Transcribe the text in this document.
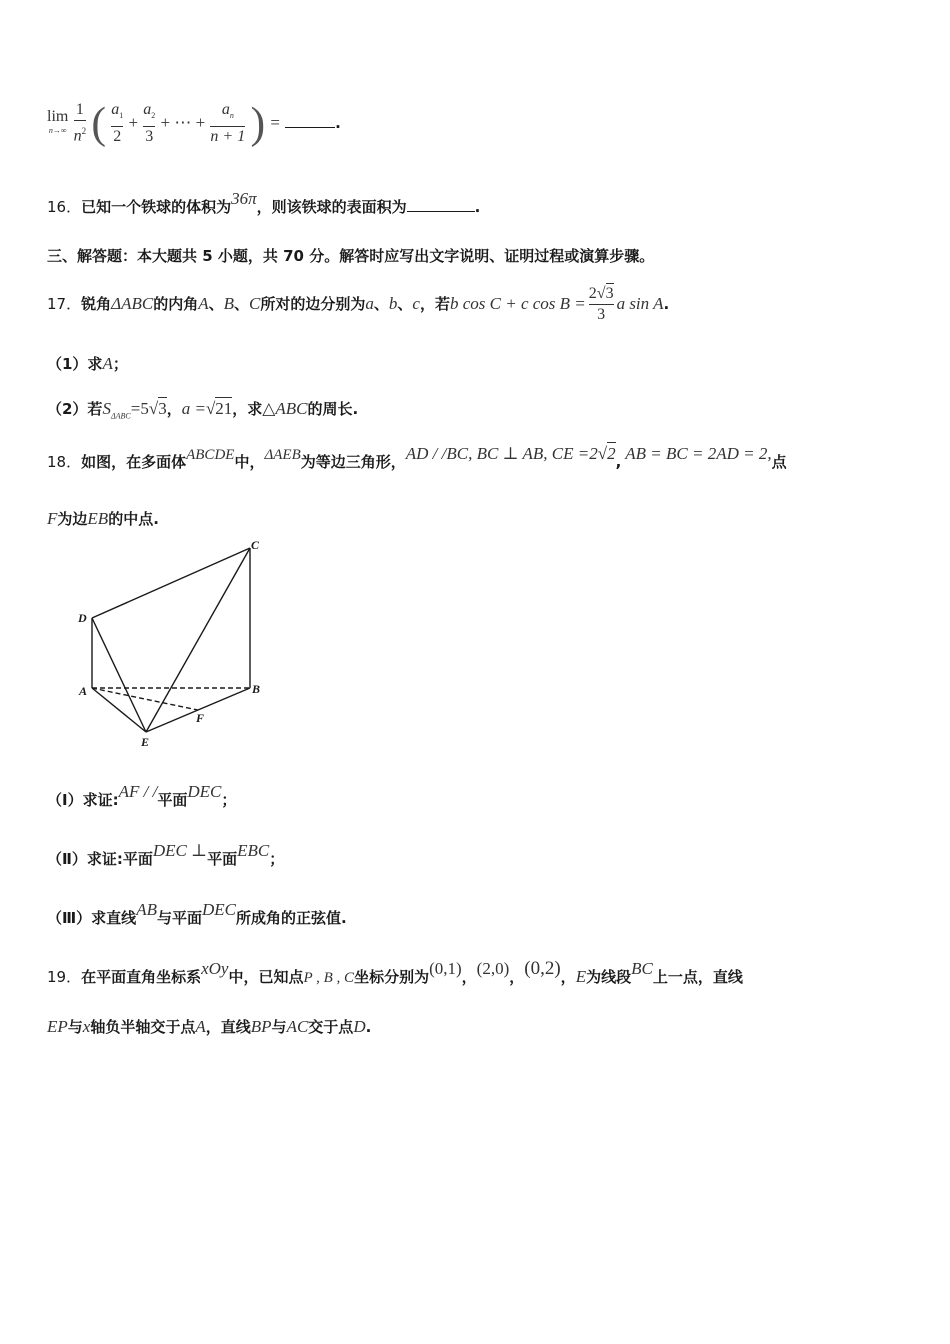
lim
n→∞
$\frac{1}{n^2}$ ( $\frac{a_1}{2} + \frac{a_2}{3}$ + ⋯ + $\frac{a_n}{n + 1}$ ) =	.
16．已知一个铁球的体积为36π，则该铁球的表面积为	.
三、解答题：本大题共 5 小题，共 70 分。解答时应写出文字说明、证明过程或演算步骤。
17．锐角ΔABC的内角A、B、C所对的边分别为a、b、c，若b cos C + c $\cos B = \frac{2√3}{3}$ a sin A.
（1）求A；
（2）若$S_{\Delta ABC}=5√3$，a =√21，求△ABC的周长.
18．如图，在多面体ABCDE中，ΔAEB为等边三角形，AD / /BC, BC ⊥ AB, CE =2√2, AB = BC = 2AD = 2,点
F为边EB的中点.
C
D
A	B
F
E
（Ⅰ）求证:AF / /平面DEC；
（Ⅱ）求证:平面DEC ⊥平面EBC；
（Ⅲ）求直线AB与平面DEC所成角的正弦值.
19．在平面直角坐标系xOy中，已知点P , B , C坐标分别为(0,1)，(2,0)，(0,2)，E为线段BC上一点，直线
EP与x轴负半轴交于点A，直线BP与AC交于点D.
